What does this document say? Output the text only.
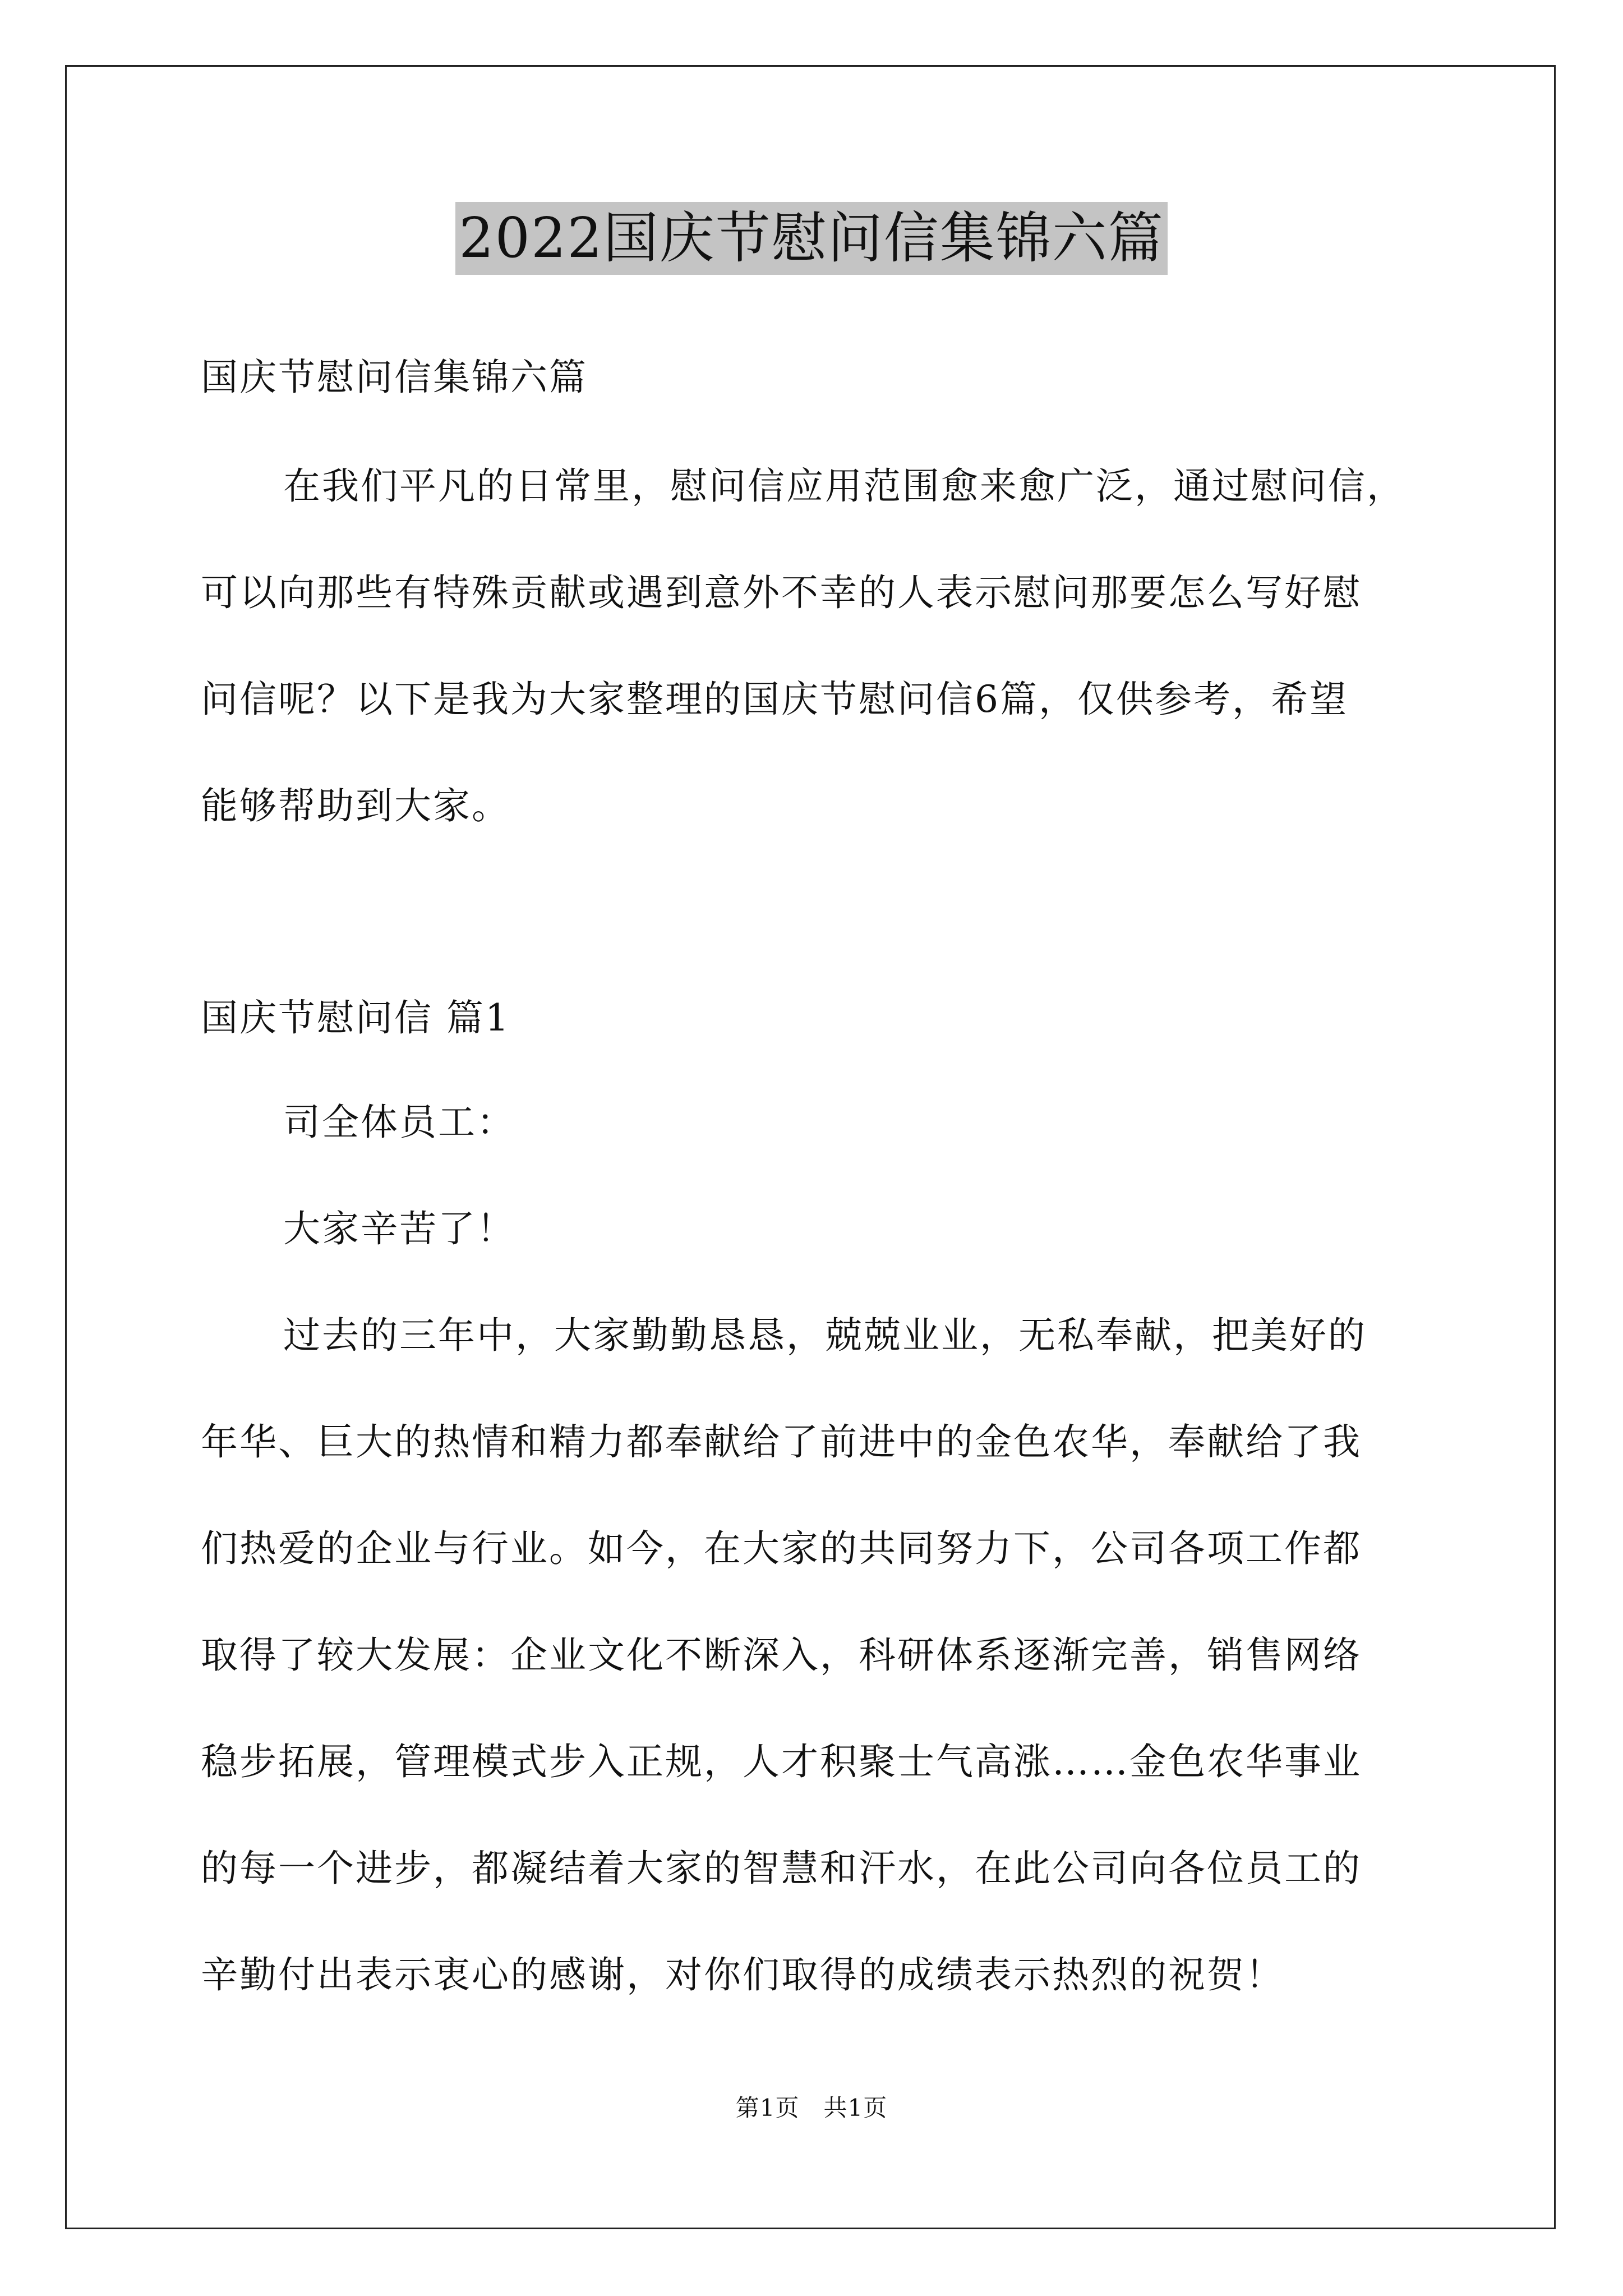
2022国庆节慰问信集锦六篇
国庆节慰问信集锦六篇
在我们平凡的日常里，慰问信应用范围愈来愈广泛，通过慰问信，
可以向那些有特殊贡献或遇到意外不幸的人表示慰问那要怎么写好慰
问信呢？以下是我为大家整理的国庆节慰问信6篇，仅供参考，希望
能够帮助到大家。
国庆节慰问信 篇1
司全体员工：
大家辛苦了！
过去的三年中，大家勤勤恳恳，兢兢业业，无私奉献，把美好的
年华、巨大的热情和精力都奉献给了前进中的金色农华，奉献给了我
们热爱的企业与行业。如今，在大家的共同努力下，公司各项工作都
取得了较大发展：企业文化不断深入，科研体系逐渐完善，销售网络
稳步拓展，管理模式步入正规，人才积聚士气高涨……金色农华事业
的每一个进步，都凝结着大家的智慧和汗水，在此公司向各位员工的
辛勤付出表示衷心的感谢，对你们取得的成绩表示热烈的祝贺！
第1页　共1页
